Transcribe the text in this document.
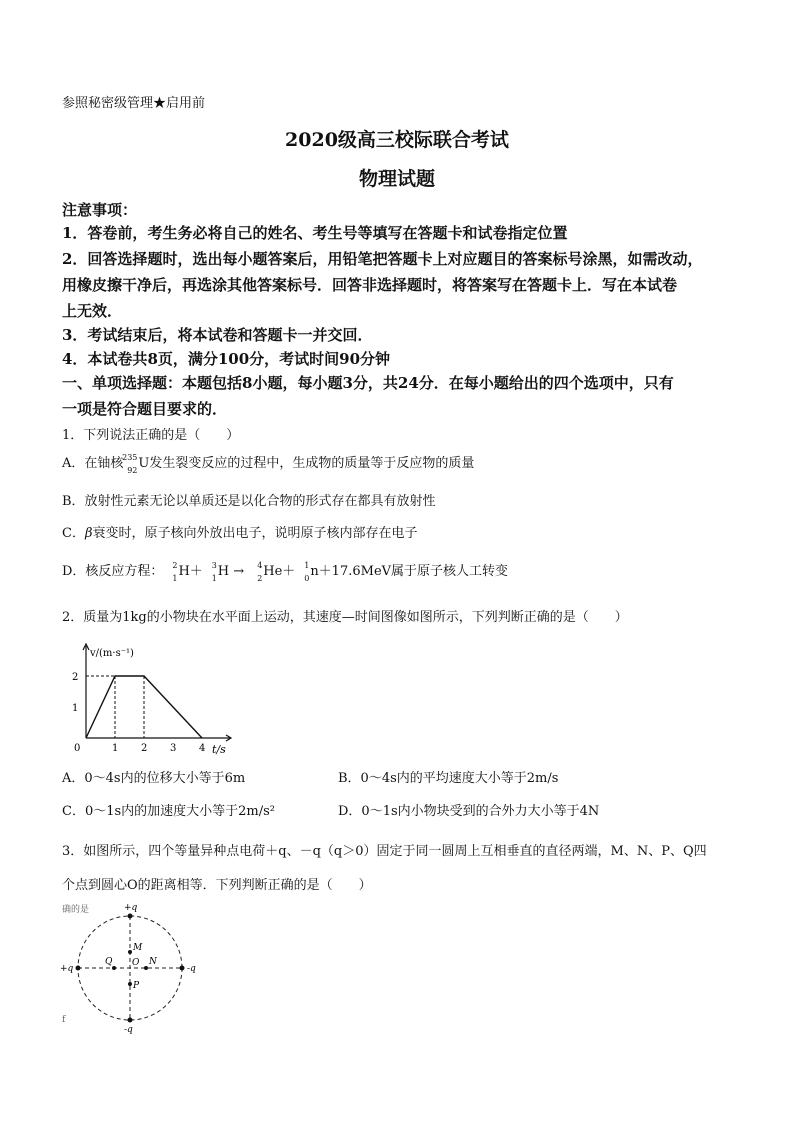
参照秘密级管理★启用前
2020级高三校际联合考试
物理试题
注意事项：
1．答卷前，考生务必将自己的姓名、考生号等填写在答题卡和试卷指定位置
2．回答选择题时，选出每小题答案后，用铅笔把答题卡上对应题目的答案标号涂黑，如需改动，
用橡皮擦干净后，再选涂其他答案标号．回答非选择题时，将答案写在答题卡上．写在本试卷
上无效．
3．考试结束后，将本试卷和答题卡一并交回．
4．本试卷共8页，满分100分，考试时间90分钟
一、单项选择题：本题包括8小题，每小题3分，共24分．在每小题给出的四个选项中，只有
一项是符合题目要求的．
1．下列说法正确的是（　　）
A．在铀核
235
92 U发生裂变反应的过程中，生成物的质量等于反应物的质量
B．放射性元素无论以单质还是以化合物的形式存在都具有放射性
C．β衰变时，原子核向外放出电子，说明原子核内部存在电子
D．核反应方程： 2
1 H＋ 3
1 H → 4
2 He＋ 1
0 n＋17.6MeV属于原子核人工转变
2．质量为1kg的小物块在水平面上运动，其速度—时间图像如图所示，下列判断正确的是（　　）
0	1 2 3 4
1
2
v/(m·s⁻¹)
t/s
A．0～4s内的位移大小等于6m	B．0～4s内的平均速度大小等于2m/s
C．0～1s内的加速度大小等于2m/s²	D．0～1s内小物块受到的合外力大小等于4N
3．如图所示，四个等量异种点电荷＋q、－q（q＞0）固定于同一圆周上互相垂直的直径两端，M、N、P、Q四
个点到圆心O的距离相等．下列判断正确的是（　　）
确的是	+q
-q
+q	-q
M
N
P
Q O
f
